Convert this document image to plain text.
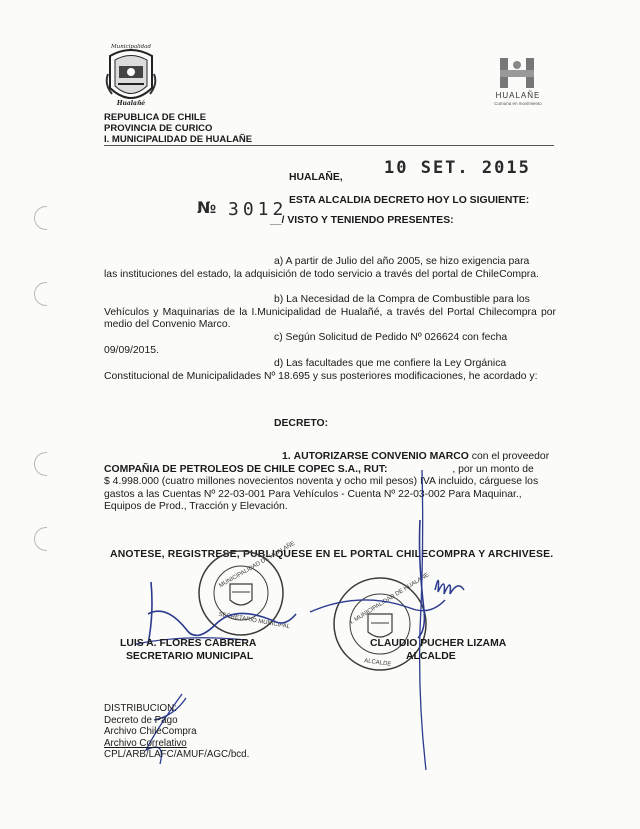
Municipalidad
Hualañé
REPUBLICA DE CHILE
PROVINCIA DE CURICO
I. MUNICIPALIDAD DE HUALAÑE
HUALAÑE
Comuna en movimiento
HUALAÑE, 10 SET. 2015
№ 3012 ESTA ALCALDIA DECRETO HOY LO SIGUIENTE:
__/ VISTO Y TENIENDO PRESENTES:
a) A partir de Julio del año 2005, se hizo exigencia para
las instituciones del estado, la adquisición de todo servicio a través del portal de ChileCompra.
b) La Necesidad de la Compra de Combustible para los
Vehículos y Maquinarias de la I.Municipalidad de Hualañé, a través del Portal Chilecompra por medio del Convenio Marco.
c) Según Solicitud de Pedido Nº 026624 con fecha
09/09/2015.
d) Las facultades que me confiere la Ley Orgánica
Constitucional de Municipalidades Nº 18.695 y sus posteriores modificaciones, he acordado y:
DECRETO:
1. AUTORIZARSE CONVENIO MARCO con el proveedor
COMPAÑIA DE PETROLEOS DE CHILE COPEC S.A., RUT:	, por un monto de
$ 4.998.000 (cuatro millones novecientos noventa y ocho mil pesos) IVA incluido, cárguese los
gastos a las Cuentas Nº 22-03-001 Para Vehículos - Cuenta Nº 22-03-002 Para Maquinar.,
Equipos de Prod., Tracción y Elevación.
ANOTESE, REGISTRESE, PUBLIQUESE EN EL PORTAL CHILECOMPRA Y ARCHIVESE.
MUNICIPALIDAD DE HUALAÑE
SECRETARIO MUNICIPAL	I. MUNICIPALIDAD DE HUALAÑE
ALCALDE
LUIS A. FLORES CABRERA
SECRETARIO MUNICIPAL
CLAUDIO PUCHER LIZAMA
ALCALDE
DISTRIBUCION:
Decreto de Pago
Archivo ChileCompra
Archivo Correlativo
CPL/ARB/LAFC/AMUF/AGC/bcd.
